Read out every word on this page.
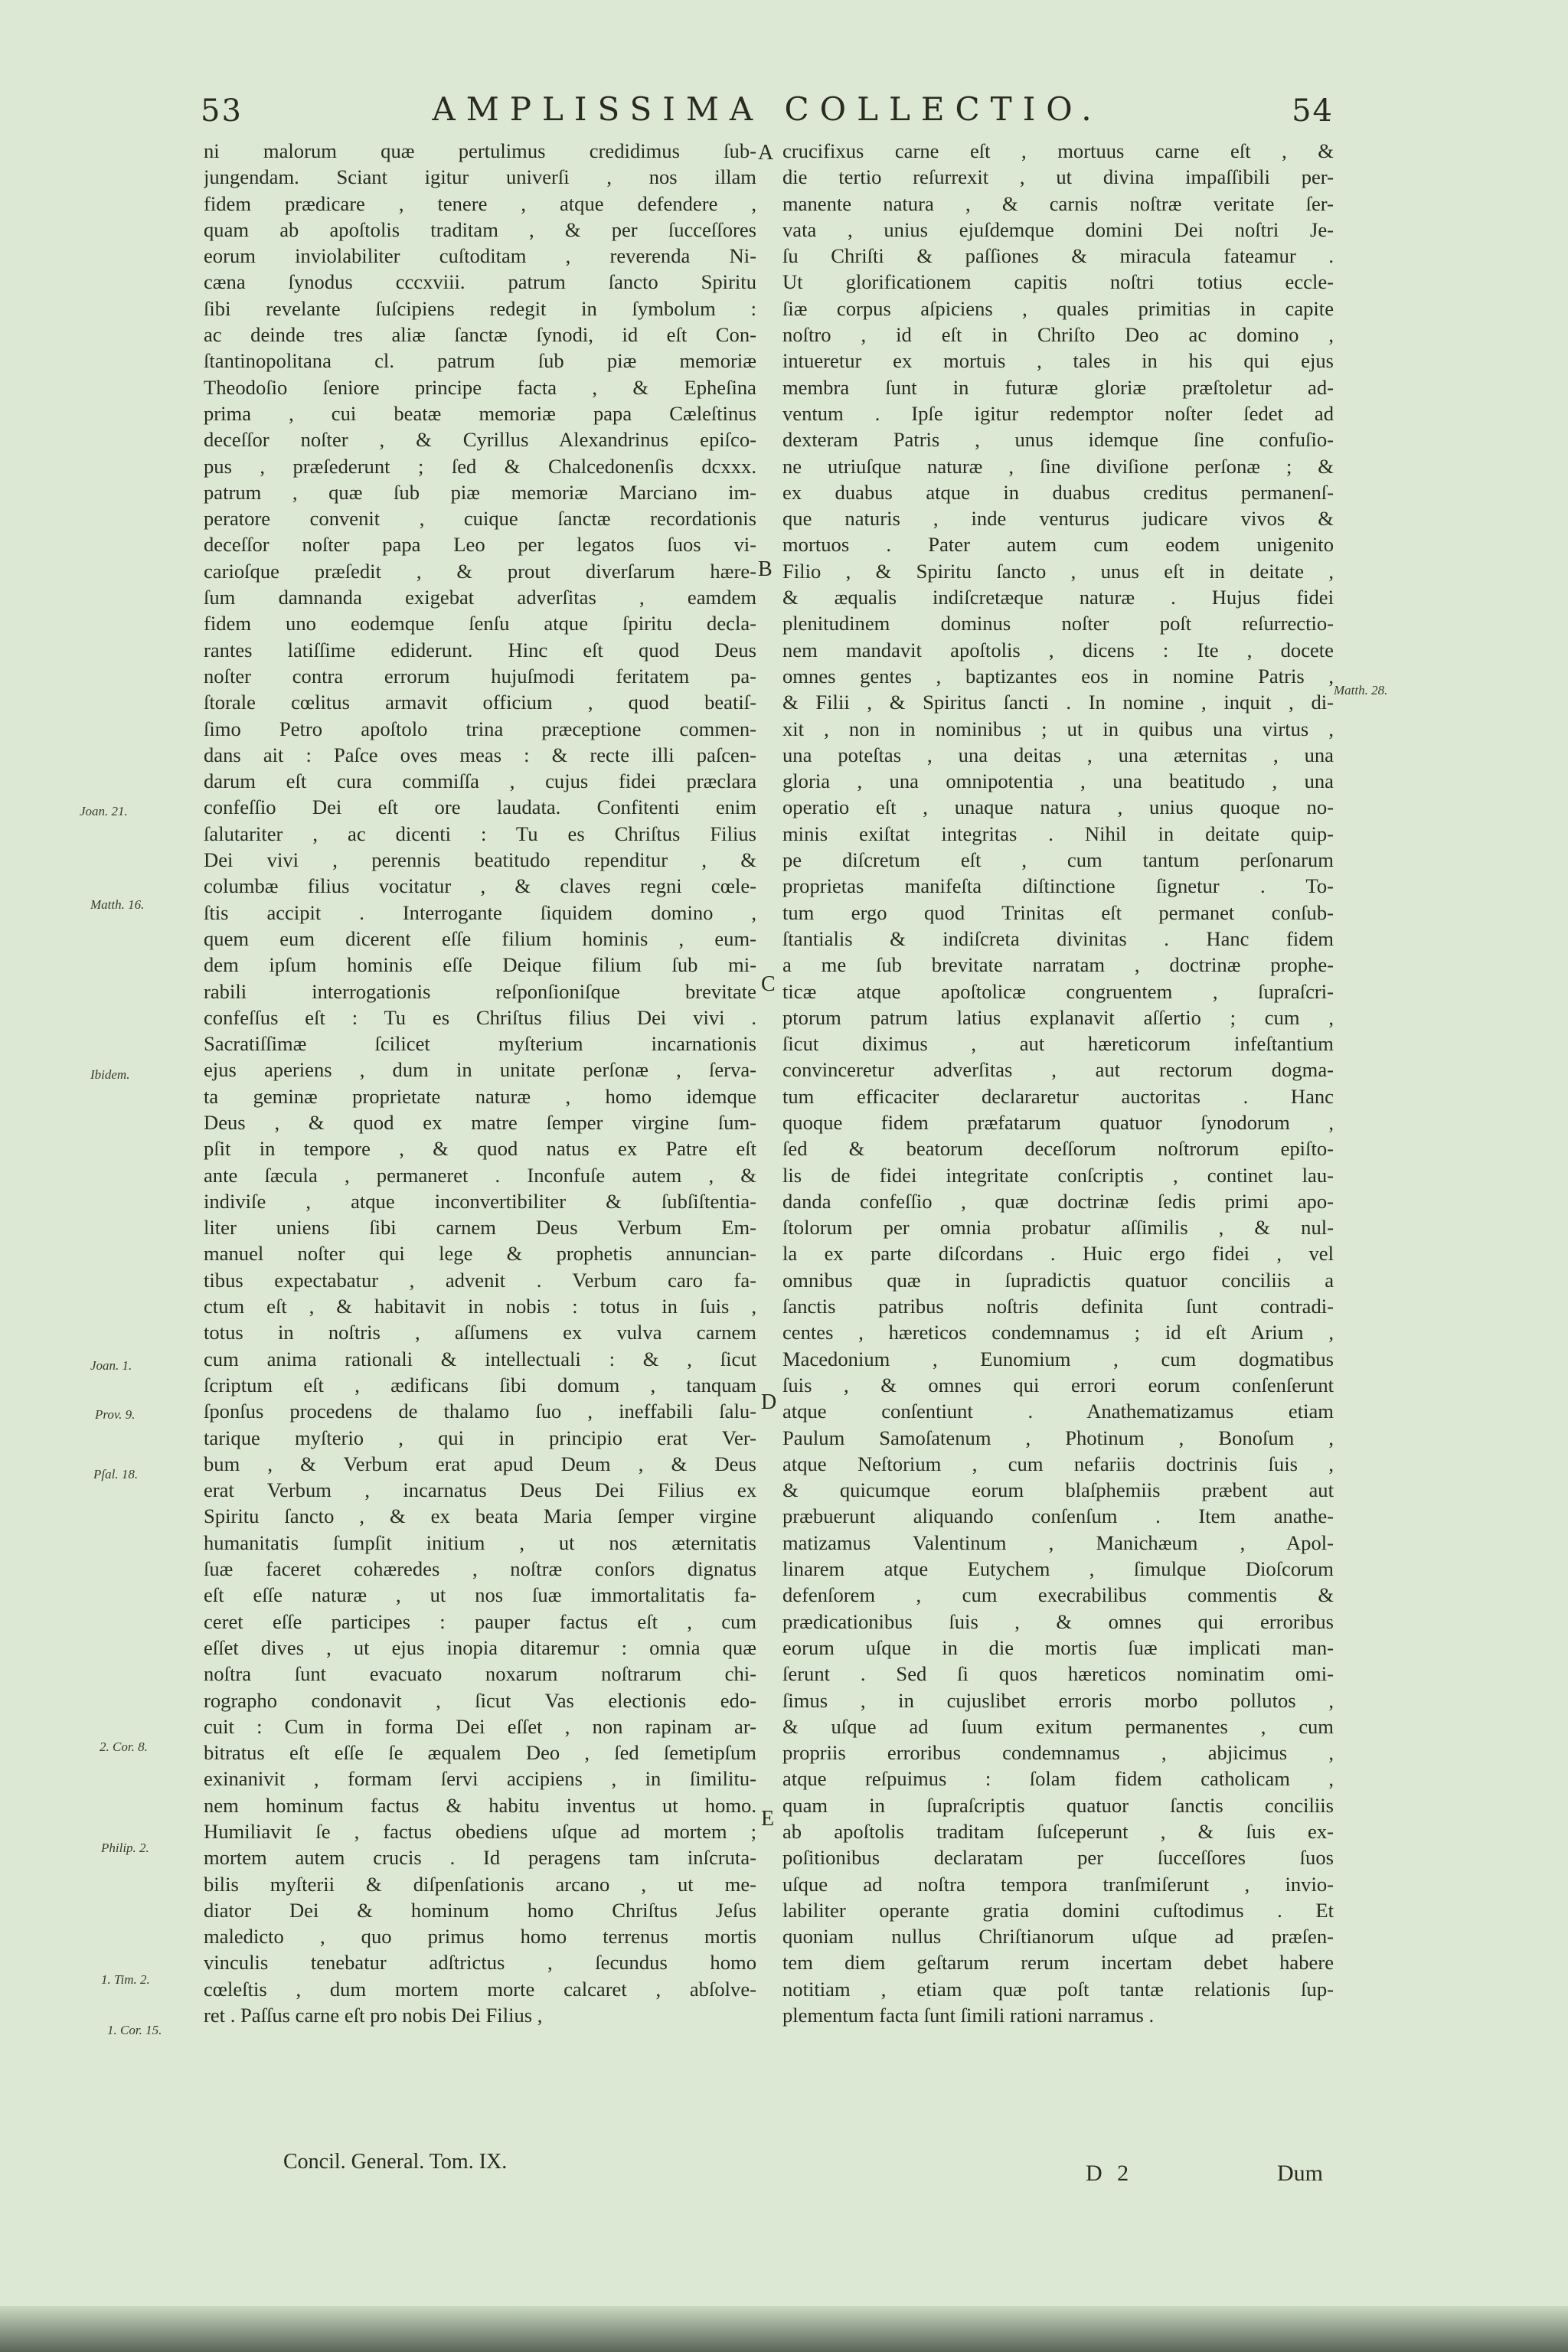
53	AMPLISSIMA COLLECTIO.	54
ni malorum quæ pertulimus credidimus ſub-
jungendam. Sciant igitur univerſi , nos illam
fidem prædicare , tenere , atque defendere ,
quam ab apoſtolis traditam , & per ſucceſſores
eorum inviolabiliter cuſtoditam , reverenda Ni-
cæna ſynodus cccxviii. patrum ſancto Spiritu
ſibi revelante ſuſcipiens redegit in ſymbolum :
ac deinde tres aliæ ſanctæ ſynodi, id eſt Con-
ſtantinopolitana cl. patrum ſub piæ memoriæ
Theodoſio ſeniore principe facta , & Epheſina
prima , cui beatæ memoriæ papa Cæleſtinus
deceſſor noſter , & Cyrillus Alexandrinus epiſco-
pus , præſederunt ; ſed & Chalcedonenſis dcxxx.
patrum , quæ ſub piæ memoriæ Marciano im-
peratore convenit , cuique ſanctæ recordationis
deceſſor noſter papa Leo per legatos ſuos vi-
carioſque præſedit , & prout diverſarum hære-
ſum damnanda exigebat adverſitas , eamdem
fidem uno eodemque ſenſu atque ſpiritu decla-
rantes latiſſime ediderunt. Hinc eſt quod Deus
noſter contra errorum hujuſmodi feritatem pa-
ſtorale cœlitus armavit officium , quod beatiſ-
ſimo Petro apoſtolo trina præceptione commen-
dans ait : Paſce oves meas : & recte illi paſcen-
darum eſt cura commiſſa , cujus fidei præclara
confeſſio Dei eſt ore laudata. Confitenti enim
ſalutariter , ac dicenti : Tu es Chriſtus Filius
Dei vivi , perennis beatitudo rependitur , &
columbæ filius vocitatur , & claves regni cœle-
ſtis accipit . Interrogante ſiquidem domino ,
quem eum dicerent eſſe filium hominis , eum-
dem ipſum hominis eſſe Deique filium ſub mi-
rabili interrogationis reſponſioniſque brevitate
confeſſus eſt : Tu es Chriſtus filius Dei vivi .
Sacratiſſimæ ſcilicet myſterium incarnationis
ejus aperiens , dum in unitate perſonæ , ſerva-
ta geminæ proprietate naturæ , homo idemque
Deus , & quod ex matre ſemper virgine ſum-
pſit in tempore , & quod natus ex Patre eſt
ante ſæcula , permaneret . Inconfuſe autem , &
indiviſe , atque inconvertibiliter & ſubſiſtentia-
liter uniens ſibi carnem Deus Verbum Em-
manuel noſter qui lege & prophetis annuncian-
tibus expectabatur , advenit . Verbum caro fa-
ctum eſt , & habitavit in nobis : totus in ſuis ,
totus in noſtris , aſſumens ex vulva carnem
cum anima rationali & intellectuali : & , ſicut
ſcriptum eſt , ædificans ſibi domum , tanquam
ſponſus procedens de thalamo ſuo , ineffabili ſalu-
tarique myſterio , qui in principio erat Ver-
bum , & Verbum erat apud Deum , & Deus
erat Verbum , incarnatus Deus Dei Filius ex
Spiritu ſancto , & ex beata Maria ſemper virgine
humanitatis ſumpſit initium , ut nos æternitatis
ſuæ faceret cohæredes , noſtræ conſors dignatus
eſt eſſe naturæ , ut nos ſuæ immortalitatis fa-
ceret eſſe participes : pauper factus eſt , cum
eſſet dives , ut ejus inopia ditaremur : omnia quæ
noſtra ſunt evacuato noxarum noſtrarum chi-
rographo condonavit , ſicut Vas electionis edo-
cuit : Cum in forma Dei eſſet , non rapinam ar-
bitratus eſt eſſe ſe æqualem Deo , ſed ſemetipſum
exinanivit , formam ſervi accipiens , in ſimilitu-
nem hominum factus & habitu inventus ut homo.
Humiliavit ſe , factus obediens uſque ad mortem ;
mortem autem crucis . Id peragens tam inſcruta-
bilis myſterii & diſpenſationis arcano , ut me-
diator Dei & hominum homo Chriſtus Jeſus
maledicto , quo primus homo terrenus mortis
vinculis tenebatur adſtrictus , ſecundus homo
cœleſtis , dum mortem morte calcaret , abſolve-
ret . Paſſus carne eſt pro nobis Dei Filius ,
crucifixus carne eſt , mortuus carne eſt , &
die tertio reſurrexit , ut divina impaſſibili per-
manente natura , & carnis noſtræ veritate ſer-
vata , unius ejuſdemque domini Dei noſtri Je-
ſu Chriſti & paſſiones & miracula fateamur .
Ut glorificationem capitis noſtri totius eccle-
ſiæ corpus aſpiciens , quales primitias in capite
noſtro , id eſt in Chriſto Deo ac domino ,
intueretur ex mortuis , tales in his qui ejus
membra ſunt in futuræ gloriæ præſtoletur ad-
ventum . Ipſe igitur redemptor noſter ſedet ad
dexteram Patris , unus idemque ſine confuſio-
ne utriuſque naturæ , ſine diviſione perſonæ ; &
ex duabus atque in duabus creditus permanenſ-
que naturis , inde venturus judicare vivos &
mortuos . Pater autem cum eodem unigenito
Filio , & Spiritu ſancto , unus eſt in deitate ,
& æqualis indiſcretæque naturæ . Hujus fidei
plenitudinem dominus noſter poſt reſurrectio-
nem mandavit apoſtolis , dicens : Ite , docete
omnes gentes , baptizantes eos in nomine Patris ,
& Filii , & Spiritus ſancti . In nomine , inquit , di-
xit , non in nominibus ; ut in quibus una virtus ,
una poteſtas , una deitas , una æternitas , una
gloria , una omnipotentia , una beatitudo , una
operatio eſt , unaque natura , unius quoque no-
minis exiſtat integritas . Nihil in deitate quip-
pe diſcretum eſt , cum tantum perſonarum
proprietas manifeſta diſtinctione ſignetur . To-
tum ergo quod Trinitas eſt permanet conſub-
ſtantialis & indiſcreta divinitas . Hanc fidem
a me ſub brevitate narratam , doctrinæ prophe-
ticæ atque apoſtolicæ congruentem , ſupraſcri-
ptorum patrum latius explanavit aſſertio ; cum ,
ſicut diximus , aut hæreticorum infeſtantium
convinceretur adverſitas , aut rectorum dogma-
tum efficaciter declararetur auctoritas . Hanc
quoque fidem præfatarum quatuor ſynodorum ,
ſed & beatorum deceſſorum noſtrorum epiſto-
lis de fidei integritate conſcriptis , continet lau-
danda confeſſio , quæ doctrinæ ſedis primi apo-
ſtolorum per omnia probatur aſſimilis , & nul-
la ex parte diſcordans . Huic ergo fidei , vel
omnibus quæ in ſupradictis quatuor conciliis a
ſanctis patribus noſtris definita ſunt contradi-
centes , hæreticos condemnamus ; id eſt Arium ,
Macedonium , Eunomium , cum dogmatibus
ſuis , & omnes qui errori eorum conſenſerunt
atque conſentiunt . Anathematizamus etiam
Paulum Samoſatenum , Photinum , Bonoſum ,
atque Neſtorium , cum nefariis doctrinis ſuis ,
& quicumque eorum blaſphemiis præbent aut
præbuerunt aliquando conſenſum . Item anathe-
matizamus Valentinum , Manichæum , Apol-
linarem atque Eutychem , ſimulque Dioſcorum
defenſorem , cum execrabilibus commentis &
prædicationibus ſuis , & omnes qui erroribus
eorum uſque in die mortis ſuæ implicati man-
ſerunt . Sed ſi quos hæreticos nominatim omi-
ſimus , in cujuslibet erroris morbo pollutos ,
& uſque ad ſuum exitum permanentes , cum
propriis erroribus condemnamus , abjicimus ,
atque reſpuimus : ſolam fidem catholicam ,
quam in ſupraſcriptis quatuor ſanctis conciliis
ab apoſtolis traditam ſuſceperunt , & ſuis ex-
poſitionibus declaratam per ſucceſſores ſuos
uſque ad noſtra tempora tranſmiſerunt , invio-
labiliter operante gratia domini cuſtodimus . Et
quoniam nullus Chriſtianorum uſque ad præſen-
tem diem geſtarum rerum incertam debet habere
notitiam , etiam quæ poſt tantæ relationis ſup-
plementum facta ſunt ſimili rationi narramus .
A
B
C
D
E
Joan. 21.
Matth. 16.
Ibidem.
Joan. 1.
Prov. 9.
Pſal. 18.
2. Cor. 8.
Philip. 2.
1. Tim. 2.
1. Cor. 15.
Matth. 28.
Concil. General. Tom. IX.	D 2	Dum
